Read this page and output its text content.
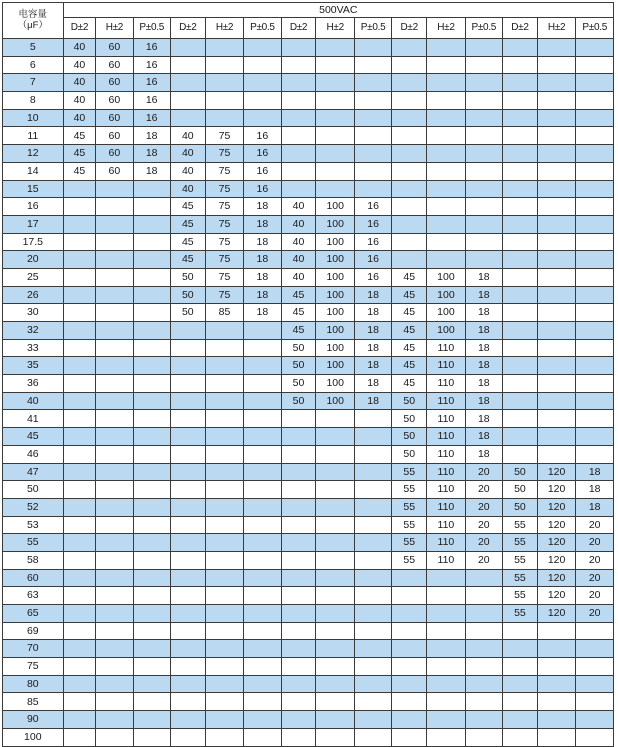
电容量
（μF）	500VAC														
	D±2	H±2	P±0.5	D±2	H±2	P±0.5	D±2	H±2	P±0.5	D±2	H±2	P±0.5	D±2	H±2	P±0.5
5	40	60	16												
6	40	60	16												
7	40	60	16												
8	40	60	16												
10	40	60	16												
11	45	60	18	40	75	16									
12	45	60	18	40	75	16									
14	45	60	18	40	75	16									
15				40	75	16									
16				45	75	18	40	100	16						
17				45	75	18	40	100	16						
17.5				45	75	18	40	100	16						
20				45	75	18	40	100	16						
25				50	75	18	40	100	16	45	100	18			
26				50	75	18	45	100	18	45	100	18			
30				50	85	18	45	100	18	45	100	18			
32							45	100	18	45	100	18			
33							50	100	18	45	110	18			
35							50	100	18	45	110	18			
36							50	100	18	45	110	18			
40							50	100	18	50	110	18			
41										50	110	18			
45										50	110	18			
46										50	110	18			
47										55	110	20	50	120	18
50										55	110	20	50	120	18
52										55	110	20	50	120	18
53										55	110	20	55	120	20
55										55	110	20	55	120	20
58										55	110	20	55	120	20
60													55	120	20
63													55	120	20
65													55	120	20
69															
70															
75															
80															
85															
90															
100															
